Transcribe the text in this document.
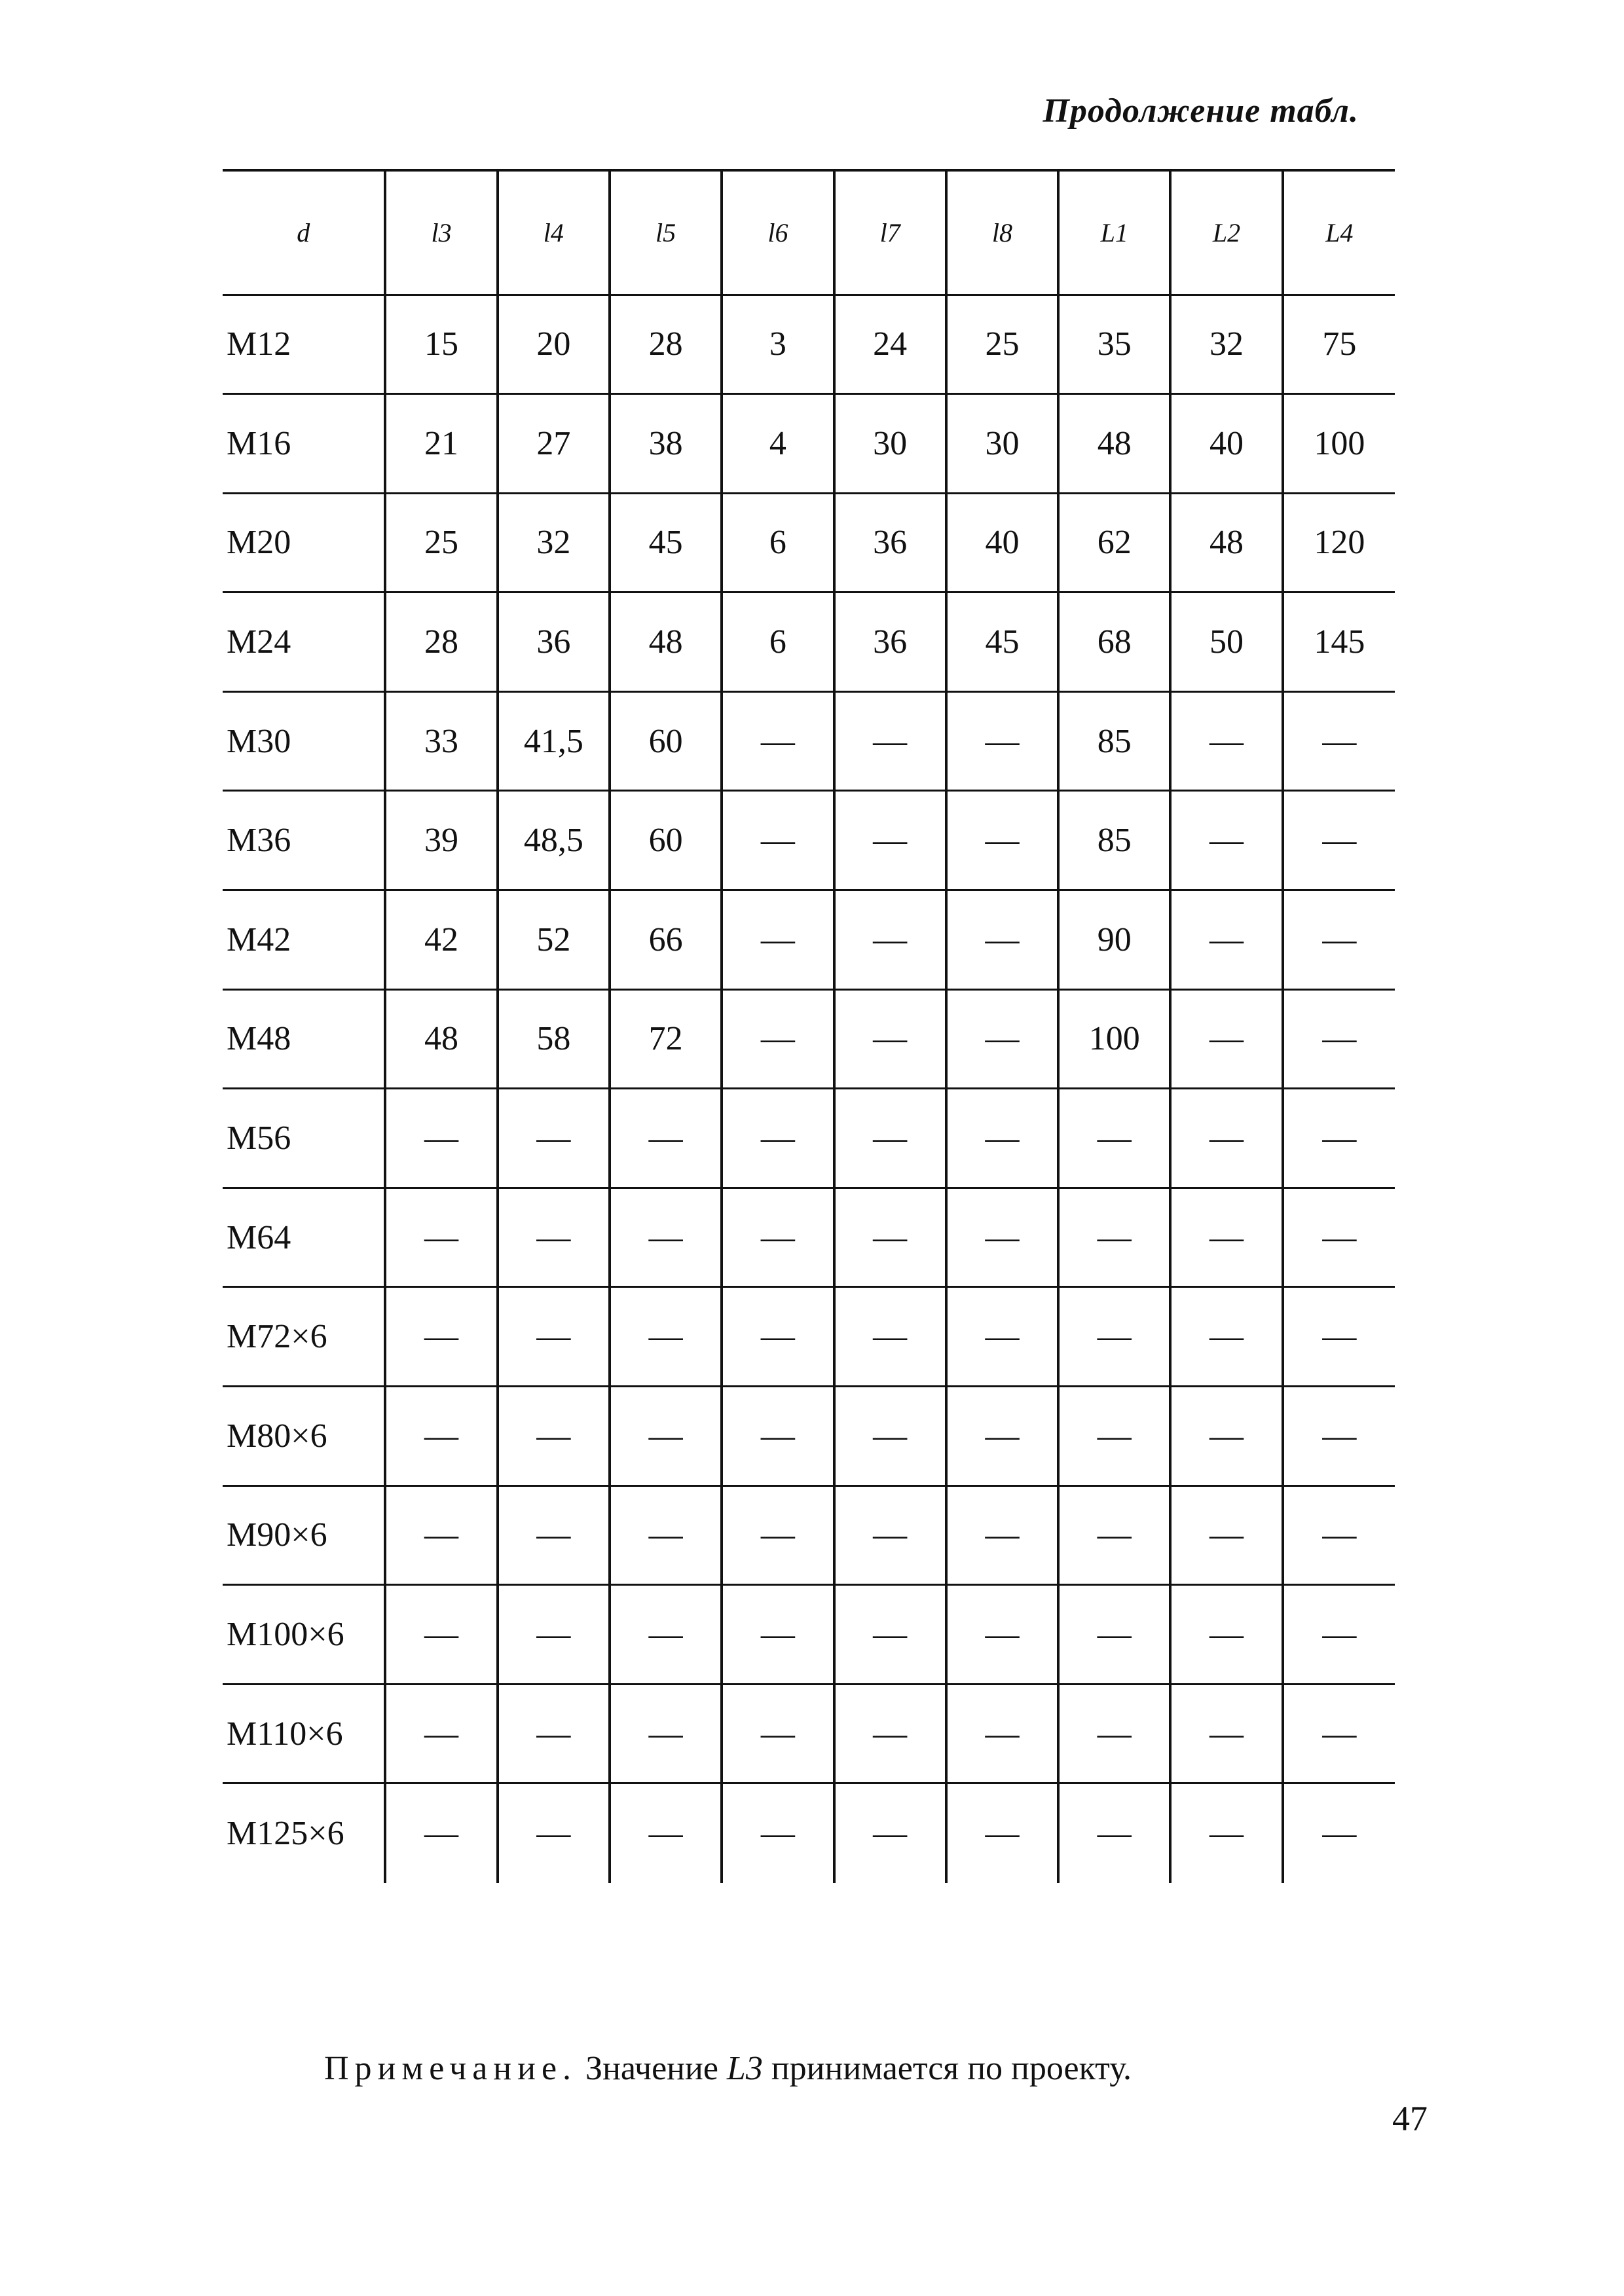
Продолжение табл.
d	l3	l4	l5	l6	l7	l8	L1	L2	L4
M12	15	20	28	3	24	25	35	32	75
M16	21	27	38	4	30	30	48	40	100
M20	25	32	45	6	36	40	62	48	120
M24	28	36	48	6	36	45	68	50	145
M30	33	41,5	60	—	—	—	85	—	—
M36	39	48,5	60	—	—	—	85	—	—
M42	42	52	66	—	—	—	90	—	—
M48	48	58	72	—	—	—	100	—	—
M56	—	—	—	—	—	—	—	—	—
M64	—	—	—	—	—	—	—	—	—
M72×6	—	—	—	—	—	—	—	—	—
M80×6	—	—	—	—	—	—	—	—	—
M90×6	—	—	—	—	—	—	—	—	—
M100×6	—	—	—	—	—	—	—	—	—
M110×6	—	—	—	—	—	—	—	—	—
M125×6	—	—	—	—	—	—	—	—	—
Примечание. Значение L3 принимается по проекту.
47
